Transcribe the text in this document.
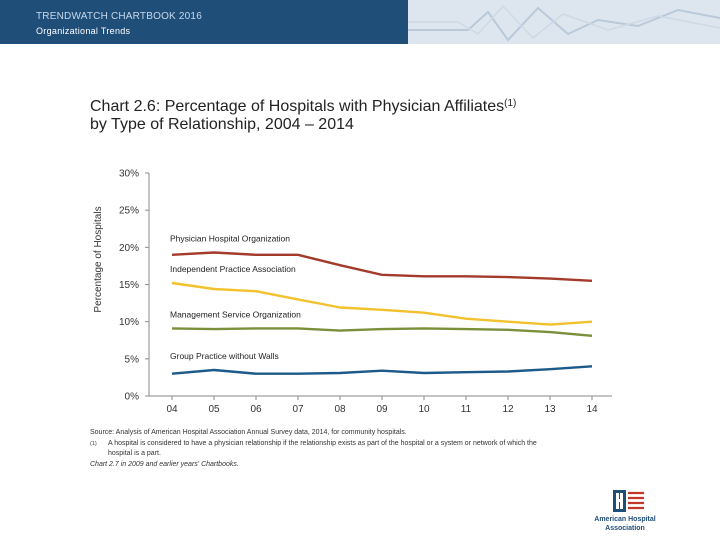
TRENDWATCH CHARTBOOK 2016
Organizational Trends
Chart 2.6: Percentage of Hospitals with Physician Affiliates$^{(1)}$
by Type of Relationship, 2004 – 2014
0%
5%
10%
15%
20%
25%
30%
04	05	06	07	08	09	10	11	12	13	14
Percentage of Hospitals	Physician Hospital Organization
Independent Practice Association
Management Service Organization
Group Practice without Walls
Source: Analysis of American Hospital Association Annual Survey data, 2014, for community hospitals.
(1)	A hospital is considered to have a physician relationship if the relationship exists as part of the hospital or a system or network of which the hospital is a part.
Chart 2.7 in 2009 and earlier years' Chartbooks.
American Hospital
Association
